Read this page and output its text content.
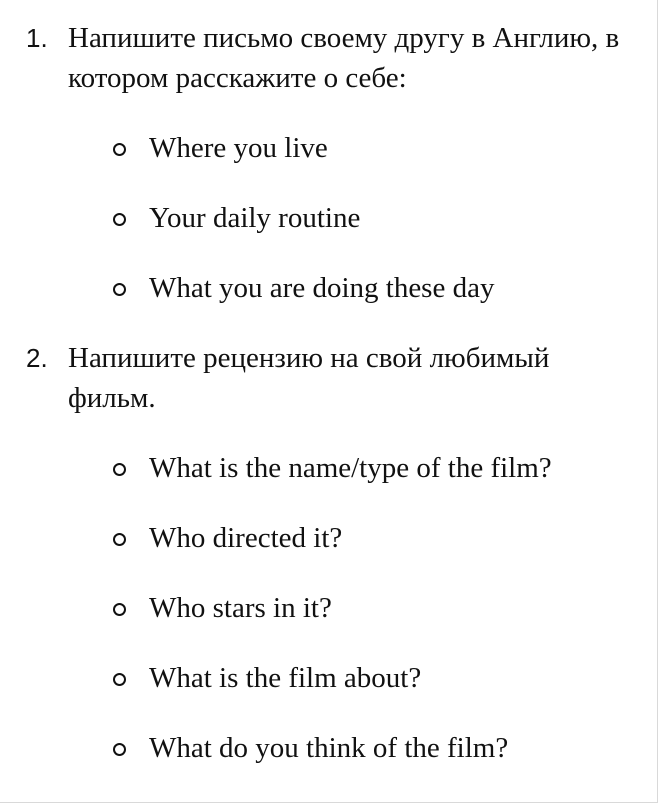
1. Напишите письмо своему другу в Англию, в котором расскажите о себе:
Where you live
Your daily routine
What you are doing these day
2. Напишите рецензию на свой любимый фильм.
What is the name/type of the film?
Who directed it?
Who stars in it?
What is the film about?
What do you think of the film?
